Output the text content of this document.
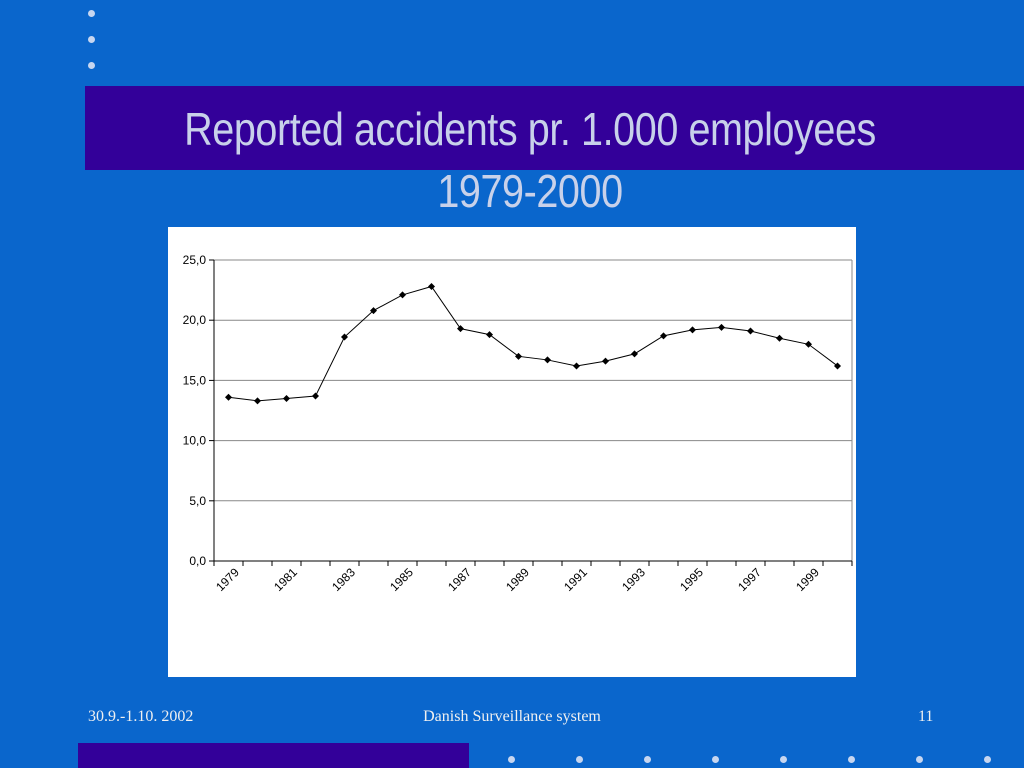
Reported accidents pr. 1.000 employees
1979-2000
0,0
5,0
10,0
15,0
20,0
25,0
1979 1981 1983 1985 1987 1989 1991 1993 1995 1997 1999
30.9.-1.10. 2002	Danish Surveillance system	11
